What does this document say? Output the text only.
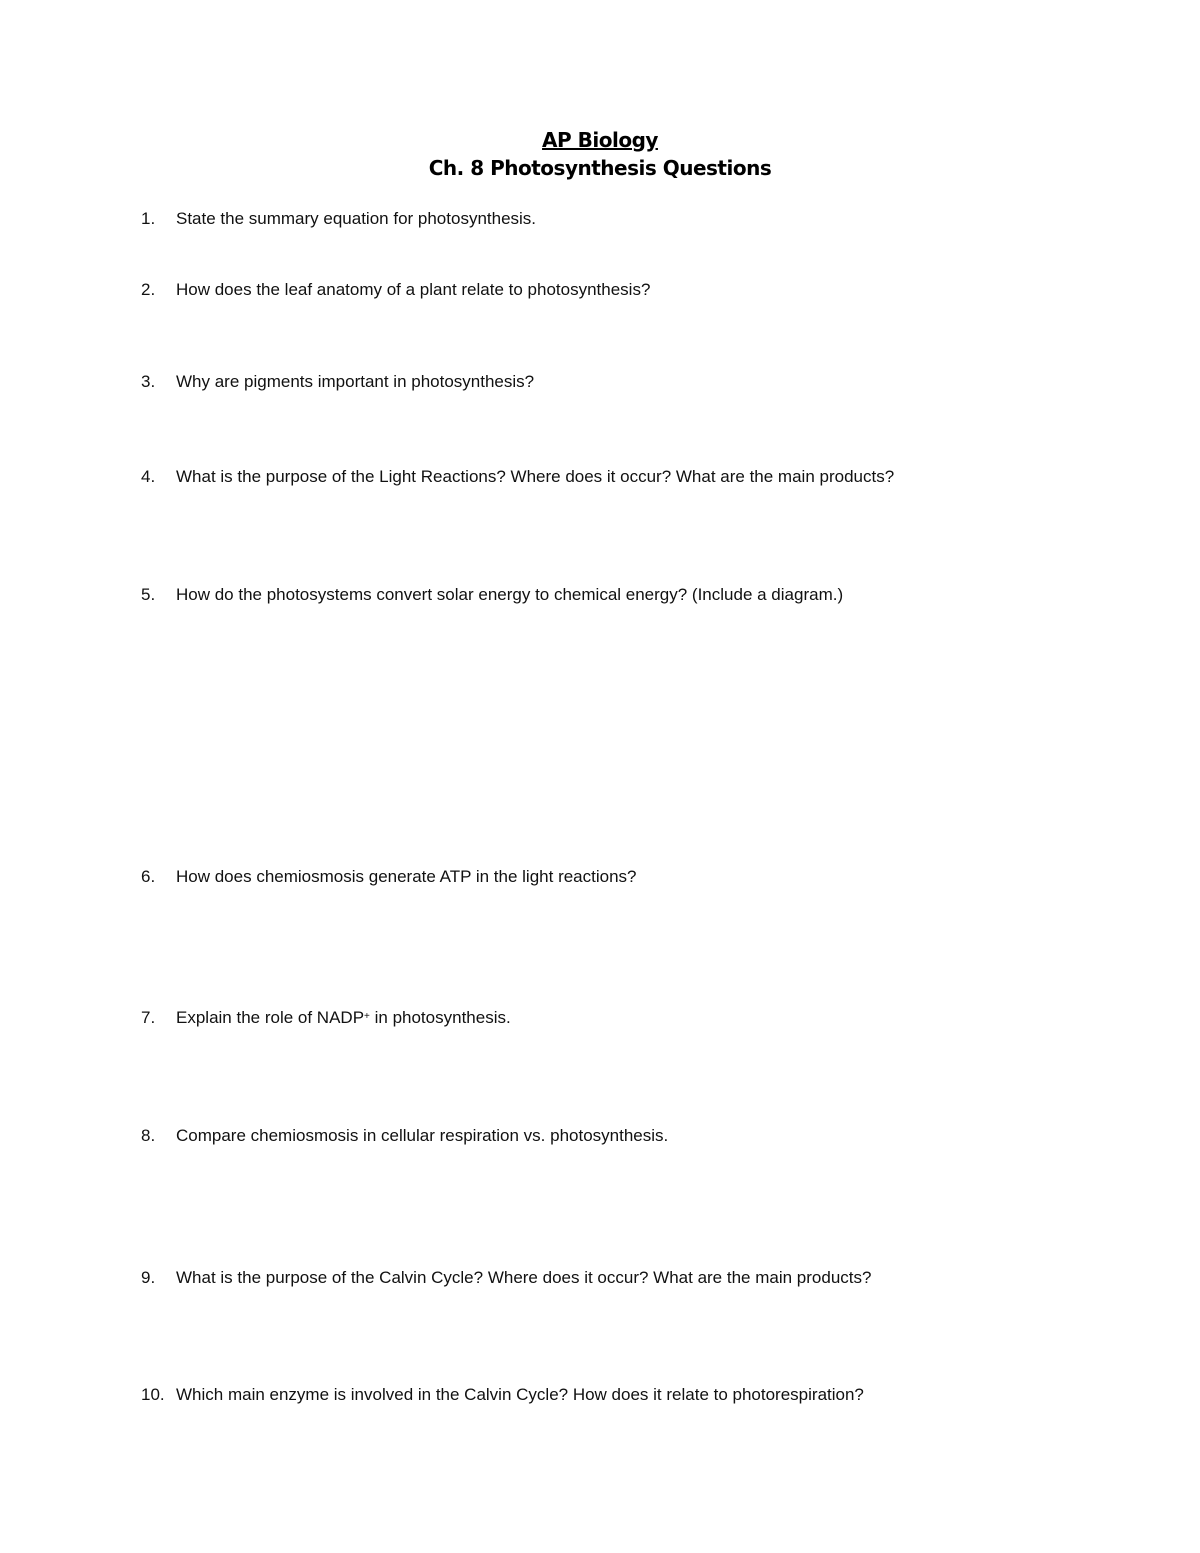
AP Biology
Ch. 8 Photosynthesis Questions
1. State the summary equation for photosynthesis.
2. How does the leaf anatomy of a plant relate to photosynthesis?
3. Why are pigments important in photosynthesis?
4. What is the purpose of the Light Reactions? Where does it occur? What are the main products?
5. How do the photosystems convert solar energy to chemical energy? (Include a diagram.)
6. How does chemiosmosis generate ATP in the light reactions?
7. Explain the role of NADP+ in photosynthesis.
8. Compare chemiosmosis in cellular respiration vs. photosynthesis.
9. What is the purpose of the Calvin Cycle? Where does it occur? What are the main products?
10. Which main enzyme is involved in the Calvin Cycle? How does it relate to photorespiration?
